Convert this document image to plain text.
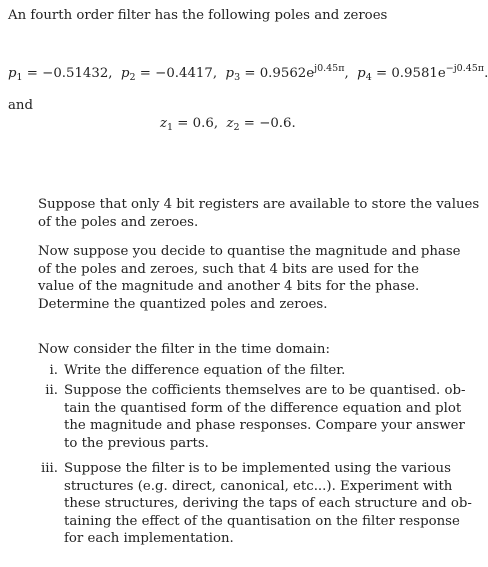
An fourth order filter has the following poles and zeroes
$p_1 = -0.51432$, $p_2 = -0.4417$, $p_3 = 0.9562e^{j0.45\pi}$, $p_4 = 0.9581e^{-j0.45\pi}$.
and
$z_1 = 0.6$, $z_2 = -0.6$.
Suppose that only 4 bit registers are available to store the values
of the poles and zeroes.
Now suppose you decide to quantise the magnitude and phase
of the poles and zeroes, such that 4 bits are used for the
value of the magnitude and another 4 bits for the phase.
Determine the quantized poles and zeroes.
Now consider the filter in the time domain:
i. Write the difference equation of the filter.
ii. Suppose the cofficients themselves are to be quantised. ob-
tain the quantised form of the difference equation and plot
the magnitude and phase responses. Compare your answer
to the previous parts.
iii. Suppose the filter is to be implemented using the various
structures (e.g. direct, canonical, etc...). Experiment with
these structures, deriving the taps of each structure and ob-
taining the effect of the quantisation on the filter response
for each implementation.
